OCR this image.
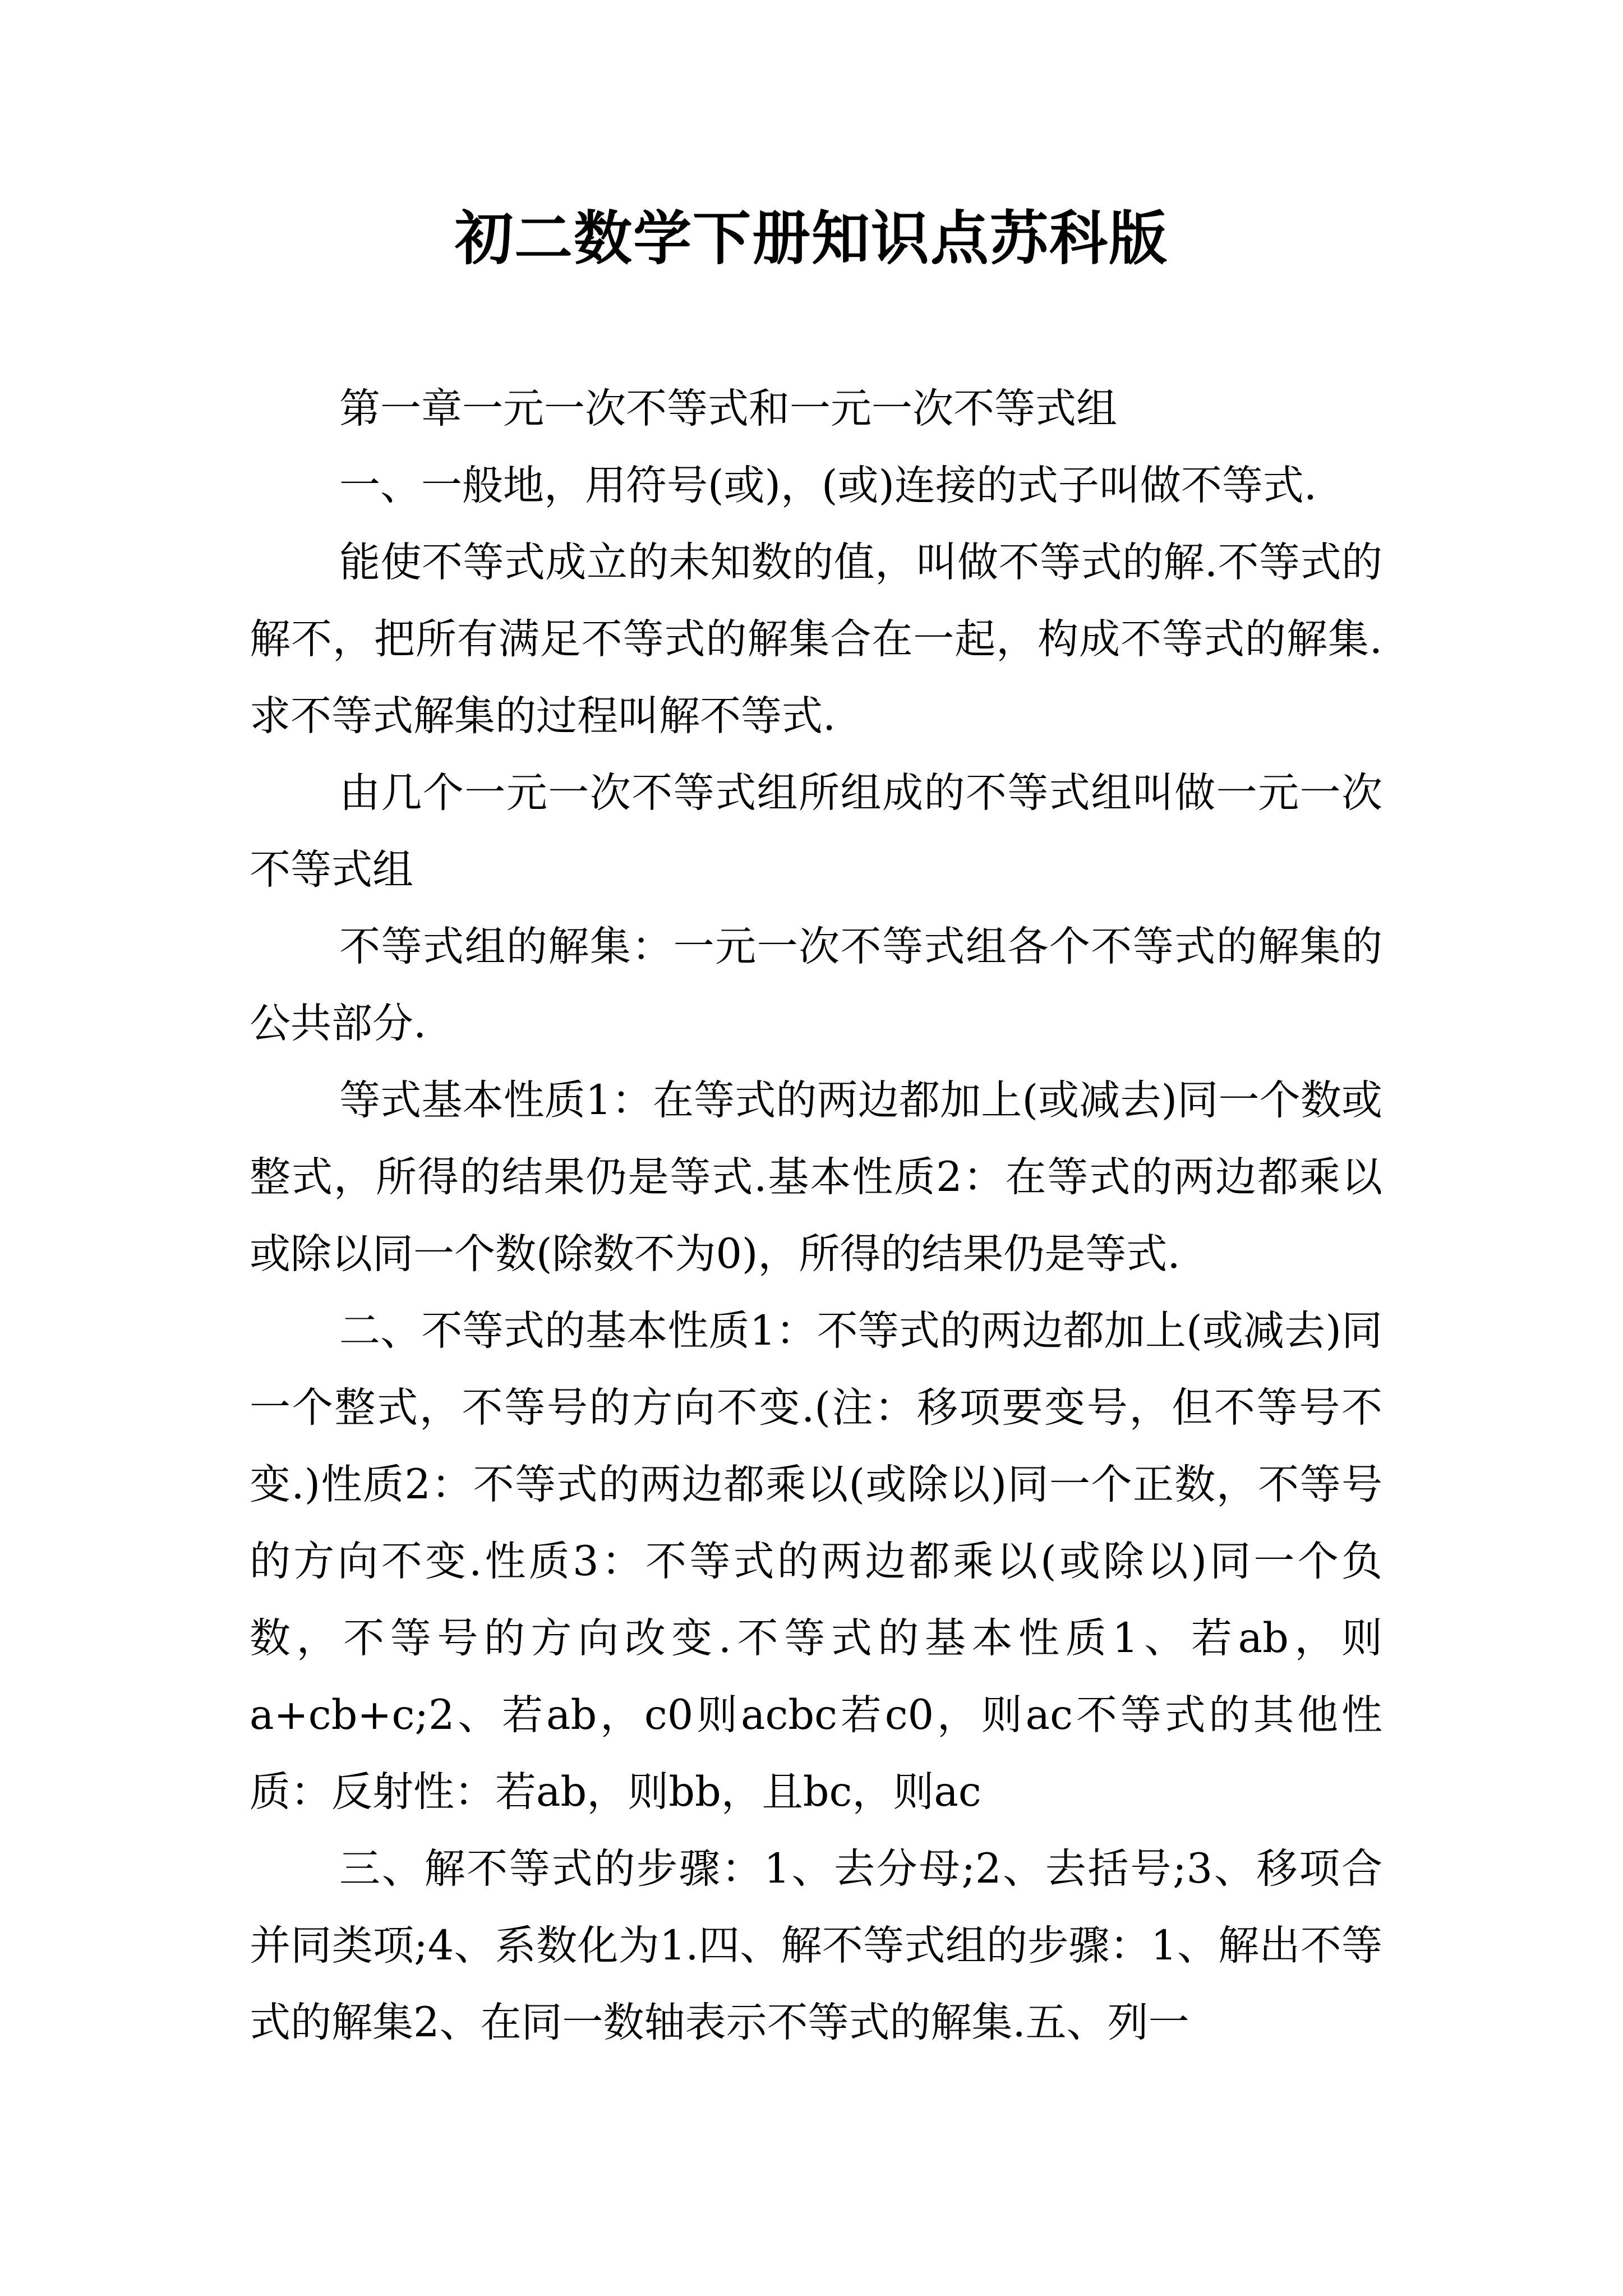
初二数学下册知识点苏科版

第一章一元一次不等式和一元一次不等式组

一、一般地，用符号(或)，(或)连接的式子叫做不等式.

能使不等式成立的未知数的值，叫做不等式的解.不等式的解不，把所有满足不等式的解集合在一起，构成不等式的解集.求不等式解集的过程叫解不等式.

由几个一元一次不等式组所组成的不等式组叫做一元一次不等式组

不等式组的解集：一元一次不等式组各个不等式的解集的公共部分.

等式基本性质1：在等式的两边都加上(或减去)同一个数或整式，所得的结果仍是等式.基本性质2：在等式的两边都乘以或除以同一个数(除数不为0)，所得的结果仍是等式.

二、不等式的基本性质1：不等式的两边都加上(或减去)同一个整式，不等号的方向不变.(注：移项要变号，但不等号不变.)性质2：不等式的两边都乘以(或除以)同一个正数，不等号的方向不变.性质3：不等式的两边都乘以(或除以)同一个负数，不等号的方向改变.不等式的基本性质1、若ab，则a+cb+c;2、若ab，c0则acbc若c0，则ac不等式的其他性质：反射性：若ab，则bb，且bc，则ac

三、解不等式的步骤：1、去分母;2、去括号;3、移项合并同类项;4、系数化为1.四、解不等式组的步骤：1、解出不等式的解集2、在同一数轴表示不等式的解集.五、列一
